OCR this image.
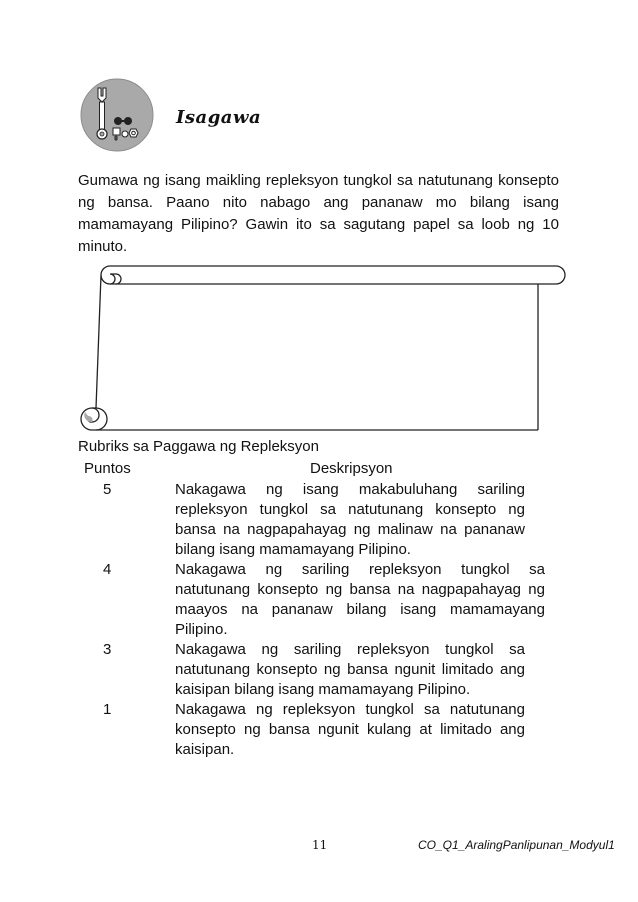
Isagawa

Gumawa ng isang maikling repleksyon tungkol sa natutunang konsepto ng bansa. Paano nito nabago ang pananaw mo bilang isang mamamayang Pilipino? Gawin ito sa sagutang papel sa loob ng 10 minuto.

Rubriks sa Paggawa ng Repleksyon
Puntos	Deskripsyon
5	Nakagawa ng isang makabuluhang sariling repleksyon tungkol sa natutunang konsepto ng bansa na nagpapahayag ng malinaw na pananaw bilang isang mamamayang Pilipino.
4	Nakagawa ng sariling repleksyon tungkol sa natutunang konsepto ng bansa na nagpapahayag ng maayos na pananaw bilang isang mamamayang Pilipino.
3	Nakagawa ng sariling repleksyon tungkol sa natutunang konsepto ng bansa ngunit limitado ang kaisipan bilang isang mamamayang Pilipino.
1	Nakagawa ng repleksyon tungkol sa natutunang konsepto ng bansa ngunit kulang at limitado ang kaisipan.
11	CO_Q1_AralingPanlipunan_Modyul1
